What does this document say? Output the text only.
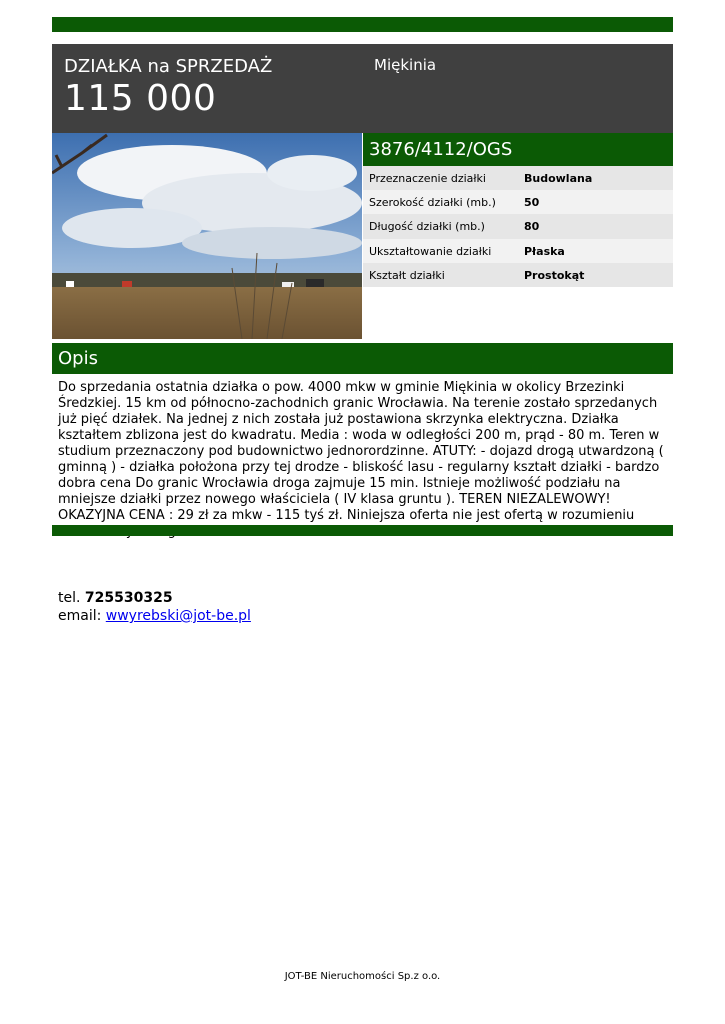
DZIAŁKA na SPRZEDAŻ
115 000
Miękinia
3876/4112/OGS
Przeznaczenie działki	Budowlana
Szerokość działki (mb.)	50
Długość działki (mb.)	80
Ukształtowanie działki	Płaska
Kształt działki	Prostokąt
Opis
Do sprzedania ostatnia działka o pow. 4000 mkw w gminie Miękinia w okolicy Brzezinki Średzkiej. 15 km od północno-zachodnich granic Wrocławia. Na terenie zostało sprzedanych już pięć działek. Na jednej z nich została już postawiona skrzynka elektryczna. Działka kształtem zblizona jest do kwadratu. Media : woda w odległości 200 m, prąd - 80 m. Teren w studium przeznaczony pod budownictwo jednorordzinne. ATUTY: - dojazd drogą utwardzoną ( gminną ) - działka położona przy tej drodze - bliskość lasu - regularny kształt działki - bardzo dobra cena Do granic Wrocławia droga zajmuje 15 min. Istnieje możliwość podziału na mniejsze działki przez nowego właściciela ( IV klasa gruntu ). TEREN NIEZALEWOWY! OKAZYJNA CENA : 29 zł za mkw - 115 tyś zł. Niniejsza oferta nie jest ofertą w rozumieniu
tel. 725530325
email: wwyrebski@jot-be.pl
JOT-BE Nieruchomości Sp.z o.o.
